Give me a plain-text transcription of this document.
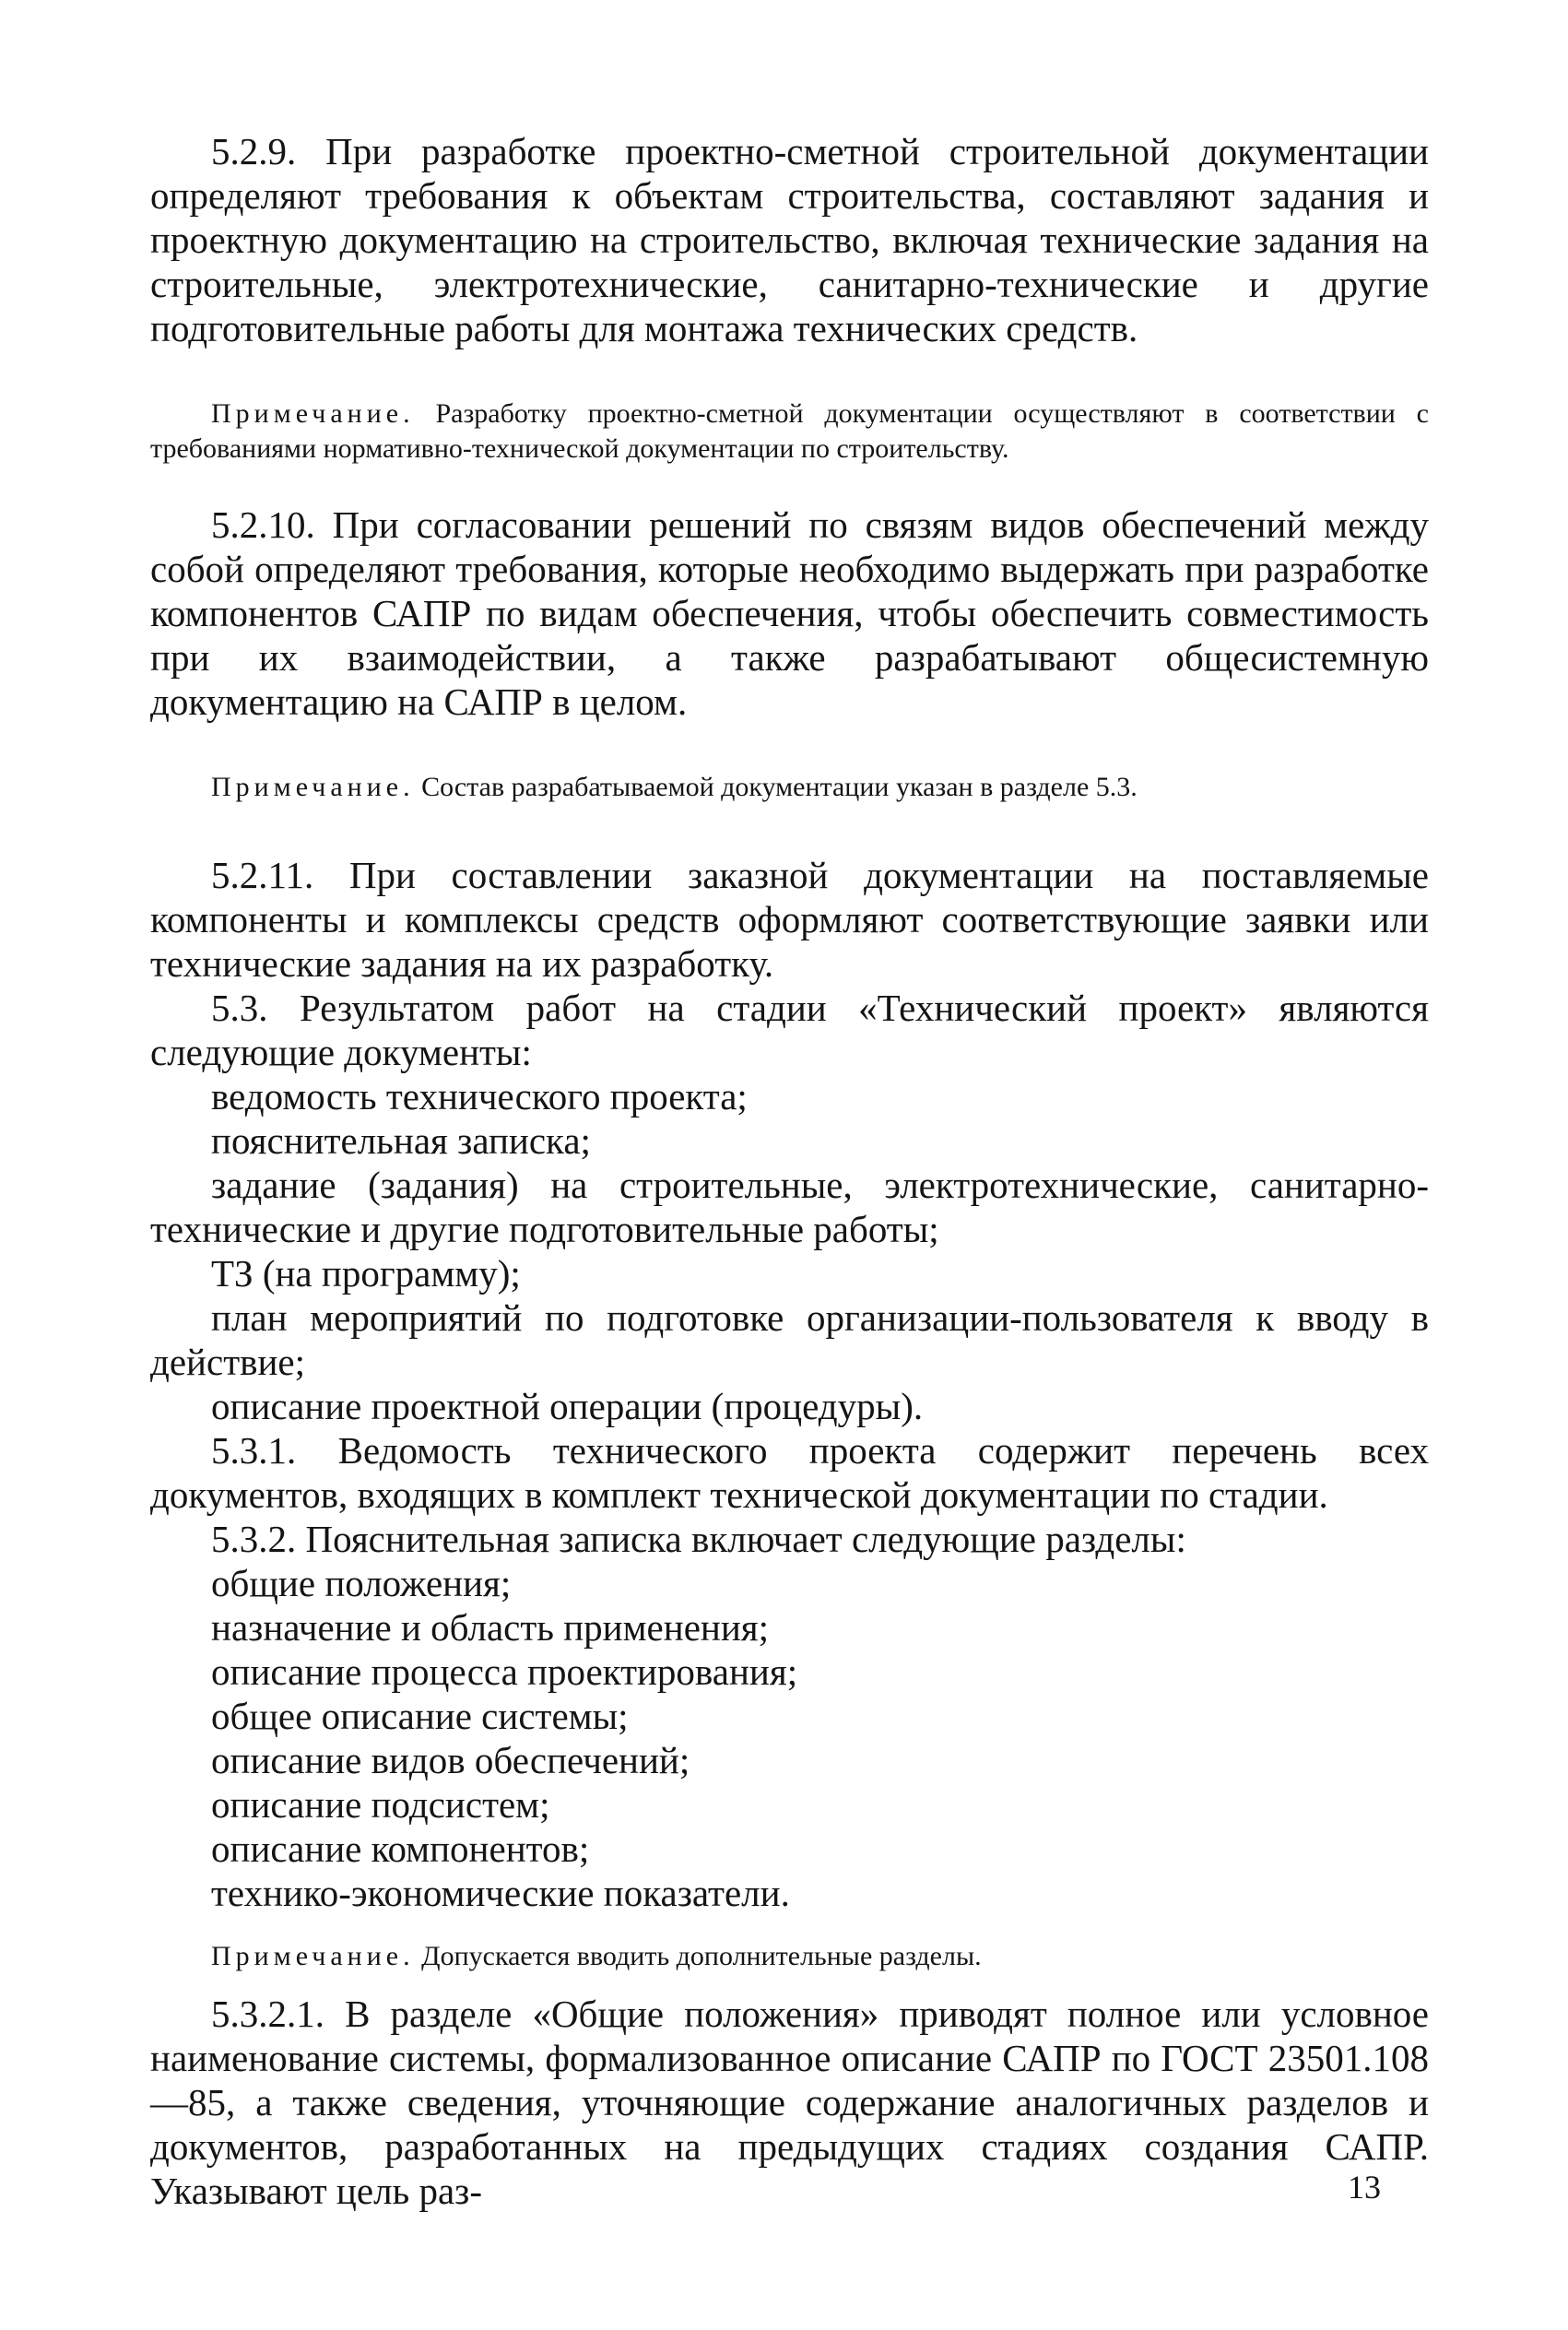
5.2.9. При разработке проектно-сметной строительной документации определяют требования к объектам строительства, составляют задания и проектную документацию на строительство, включая технические задания на строительные, электротехнические, санитарно-технические и другие подготовительные работы для монтажа технических средств.

Примечание. Разработку проектно-сметной документации осуществляют в соответствии с требованиями нормативно-технической документации по строительству.

5.2.10. При согласовании решений по связям видов обеспечений между собой определяют требования, которые необходимо выдержать при разработке компонентов САПР по видам обеспечения, чтобы обеспечить совместимость при их взаимодействии, а также разрабатывают общесистемную документацию на САПР в целом.

Примечание. Состав разрабатываемой документации указан в разделе 5.3.

5.2.11. При составлении заказной документации на поставляемые компоненты и комплексы средств оформляют соответствующие заявки или технические задания на их разработку.

5.3. Результатом работ на стадии «Технический проект» являются следующие документы:

ведомость технического проекта;

пояснительная записка;

задание (задания) на строительные, электротехнические, санитарно-технические и другие подготовительные работы;

ТЗ (на программу);

план мероприятий по подготовке организации-пользователя к вводу в действие;

описание проектной операции (процедуры).

5.3.1. Ведомость технического проекта содержит перечень всех документов, входящих в комплект технической документации по стадии.

5.3.2. Пояснительная записка включает следующие разделы:

общие положения;

назначение и область применения;

описание процесса проектирования;

общее описание системы;

описание видов обеспечений;

описание подсистем;

описание компонентов;

технико-экономические показатели.

Примечание. Допускается вводить дополнительные разделы.

5.3.2.1. В разделе «Общие положения» приводят полное или условное наименование системы, формализованное описание САПР по ГОСТ 23501.108—85, а также сведения, уточняющие содержание аналогичных разделов и документов, разработанных на предыдущих стадиях создания САПР. Указывают цель раз-	13
